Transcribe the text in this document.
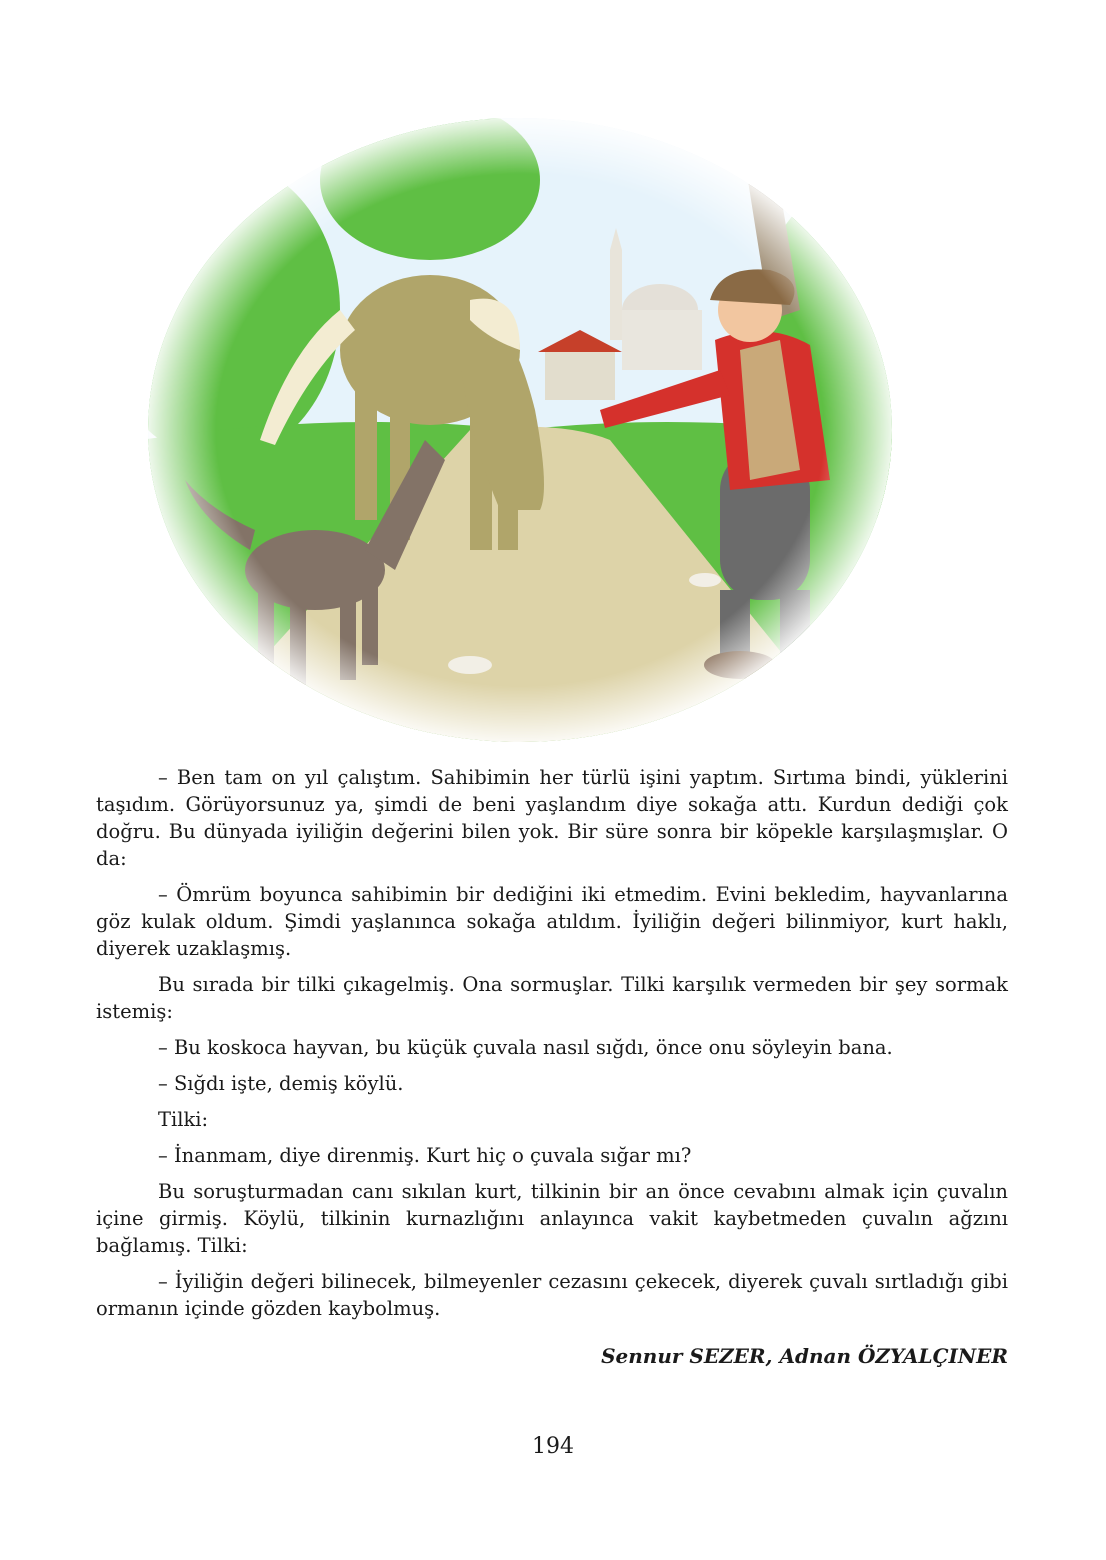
– Ben tam on yıl çalıştım. Sahibimin her türlü işini yaptım. Sırtıma bindi, yüklerini taşıdım. Görüyorsunuz ya, şimdi de beni yaşlandım diye sokağa attı. Kurdun dediği çok doğru. Bu dünyada iyiliğin değerini bilen yok. Bir süre sonra bir köpekle karşılaşmışlar. O da:

– Ömrüm boyunca sahibimin bir dediğini iki etmedim. Evini bekledim, hayvanlarına göz kulak oldum. Şimdi yaşlanınca sokağa atıldım. İyiliğin değeri bilinmiyor, kurt haklı, diyerek uzaklaşmış.

Bu sırada bir tilki çıkagelmiş. Ona sormuşlar. Tilki karşılık vermeden bir şey sormak istemiş:

– Bu koskoca hayvan, bu küçük çuvala nasıl sığdı, önce onu söyleyin bana.

– Sığdı işte, demiş köylü.

Tilki:

– İnanmam, diye direnmiş. Kurt hiç o çuvala sığar mı?

Bu soruşturmadan canı sıkılan kurt, tilkinin bir an önce cevabını almak için çuvalın içine girmiş. Köylü, tilkinin kurnazlığını anlayınca vakit kaybetmeden çuvalın ağzını bağlamış. Tilki:

– İyiliğin değeri bilinecek, bilmeyenler cezasını çekecek, diyerek çuvalı sırtladığı gibi ormanın içinde gözden kaybolmuş.

Sennur SEZER, Adnan ÖZYALÇINER
194
